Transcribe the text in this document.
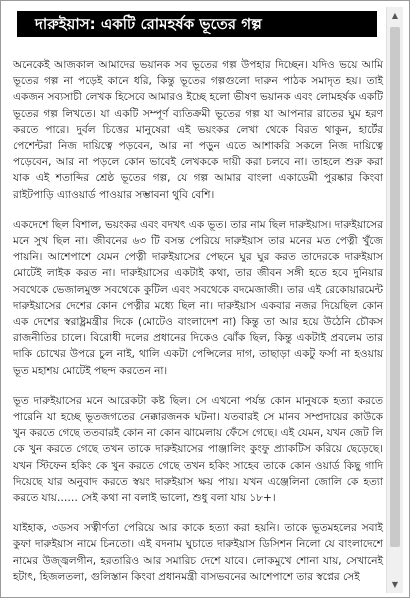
দারুইয়াস: একটি রোমহর্ষক ভূতের গল্প

অনেকেই আজকাল আমাদের ভয়ানক সব ভূতের গল্প উপহার দিচ্ছেন। যদিও ভয়ে আমি ভূতের গল্প না পড়েই কানে ধরি, কিন্তু ভূতের গল্পগুলো দারুন পাঠক সমাদৃত হয়। তাই একজন সব্যসাচী লেখক হিসেবে আমারও ইচ্ছে হলো ভীষণ ভয়ানক এবং লোমহর্ষক একটি ভূতের গল্প লিখতে। যা একটি সম্পূর্ণ ব্যতিক্রমী ভূতের গল্প যা আপনার রাতের ঘুম হরণ করতে পারে। দুর্বল চিত্তের মানুষেরা এই ভয়ংকর লেখা থেকে বিরত থাকুন, হার্টের পেশেন্টরা নিজ দায়িত্বে পড়বেন, আর না পড়ুন এতে আশাকরি সকলে নিজ দায়িত্বে পড়েবেন, আর না পড়লে কোন ভাবেই লেখককে দায়ী করা চলবে না। তাহলে শুরু করা যাক এই শতাব্দির শ্রেষ্ঠ ভূতের গল্প, যে গল্প আমার বাংলা একাডেমী পুরষ্কার কিংবা রাইটপাড়ি এ্যাওয়ার্ড পাওয়ার সম্ভাবনা থুবি বেশি।

একদেশে ছিল বিশাল, ভয়ংকর এবং বদখৎ এক ভূত। তার নাম ছিল দারুইয়াস। দারুইয়াসের মনে সুখ ছিল না। জীবনের ৬৩ টি বসন্ত পেরিয়ে দারুইয়াস তার মনের মত পেত্নী খুঁজে পায়নি। আশেপাশে যেমন পেত্নী দারুইয়াসের পেছনে ঘুর ঘুর করত তাদেরকে দারুইয়াস মোটেই লাইক করত না। দারুইয়াসের একটাই কথা, তার জীবন সঙ্গী হতে হবে দুনিয়ার সবথেকে ভেজালমুক্ত সবথেকে কুটিল এবং সবথেকে বদমেজাজী। তার এই রেকোয়ারমেন্ট দারুইয়াসের দেশের কোন পেত্নীর মধ্যে ছিল না। দারুইয়াস একবার নজর দিয়েছিল কোন এক দেশের স্বরাষ্ট্রমন্ত্রীর দিকে (মোটেও বাংলাদেশ না) কিন্তু তা আর হয়ে উঠেনি চৌকস রাজনীতির চালে। বিরোধী দলের প্রধানের দিকেও ঝোঁক ছিল, কিন্তু একটাই প্রবলেম তার দাকি চোখের উপরে চুল নাই, থালি একটা পেন্সিলের দাগ, তাছাড়া একটু ফর্সা না হওয়ায় ভূত মহাশয় মোটেই পছন্দ করতেন না।

ভূত দারুইয়াসের মনে আরেকটা কষ্ট ছিল। সে এখনো পর্যন্ত কোন মানুষকে হত্যা করতে পারেনি যা হচ্ছে ভূতজগতের নেক্কারজনক ঘটনা। যতবারই সে মানব সম্প্রদায়ের কাউকে খুন করতে গেছে ততবারই কোন না কোন ঝামেলায় ফেঁসে গেছে। এই যেমন, যখন জেট লি কে খুন করতে গেছে তখন তাকে দারুইয়াসের পাঞ্জালিং কুংফু প্র্যাকটিস করিয়ে ছেড়েছে। যখন স্টিফেন হকিং কে খুন করতে গেছে তখন হকিং সাহেব তাকে কোন ওয়ার্ড কিছু গাদি দিয়েছে যার অনুবাদ করতে স্বয়ং দারুইয়াস ক্ষয় পায়। যখন এঞ্জেলিনা জোলি কে হত্যা করতে যায়…… সেই কথা না বলাই ভালো, শুধু বলা যায় ১৮+।

যাইহাক, ৩ডসব সত্বীর্ণতা পেরিয়ে আর কাকে হত্যা করা হয়নি। তাকে ভূতমহলের সবাই কুফা দারুইয়াস নামে চিনতো। এই বদনাম ঘুচাতে দারুইয়াস ডিসিশন নিলো যে বাংলাদেশে নামের উজ্জ্বলগীন, হরতারিও আর সমারিচ দেশে যাবে। লোকমুখে শোনা যায়, সেখানেই হটাৎ, হিজলতলা, গুলিস্তান কিংবা প্রধানমন্ত্রী বাসভবনের আশেপাশে তার স্বপ্নের সেই

▲
▼
